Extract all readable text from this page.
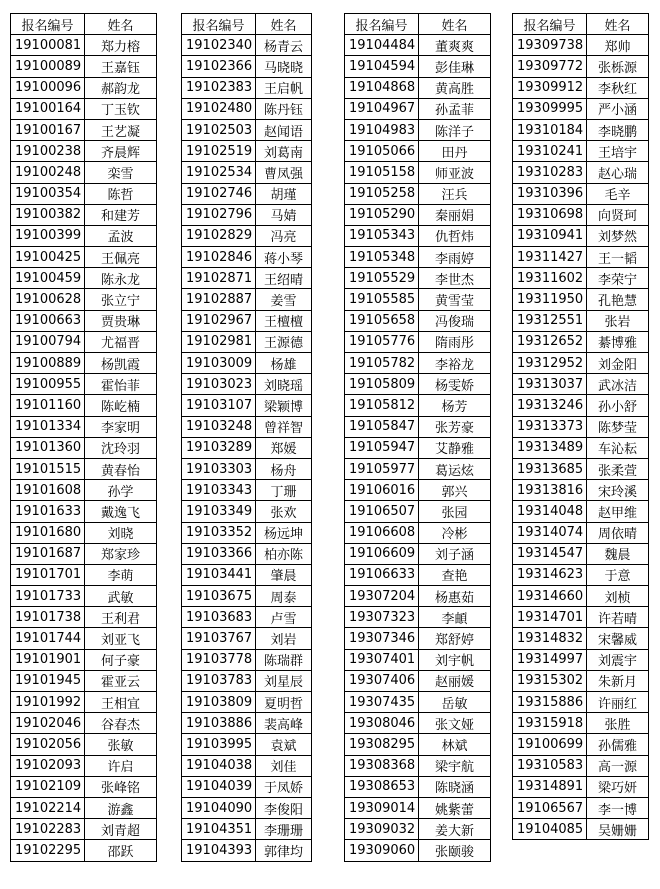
报名编号	姓名
19100081	郑力榕
19100089	王嘉钰
19100096	郝韵龙
19100164	丁玉钦
19100167	王艺凝
19100238	齐晨辉
19100248	栾雪
19100354	陈哲
19100382	和建芳
19100399	孟波
19100425	王佩亮
19100459	陈永龙
19100628	张立宁
19100663	贾贵琳
19100794	尤福晋
19100889	杨凯霞
19100955	霍怡菲
19101160	陈屹楠
19101334	李家明
19101360	沈玲羽
19101515	黄春怡
19101608	孙学
19101633	戴逸飞
19101680	刘晓
19101687	郑家珍
19101701	李萌
19101733	武敏
19101738	王利君
19101744	刘亚飞
19101901	何子豪
19101945	霍亚云
19101992	王相宜
19102046	谷春杰
19102056	张敏
19102093	许启
19102109	张峰铭
19102214	游鑫
19102283	刘青超
19102295	邵跃
报名编号	姓名
19102340	杨青云
19102366	马晓晓
19102383	王启帆
19102480	陈丹钰
19102503	赵闻语
19102519	刘葛南
19102534	曹凤强
19102746	胡瑾
19102796	马婧
19102829	冯亮
19102846	蒋小琴
19102871	王绍晴
19102887	姜雪
19102967	王檀檀
19102981	王源德
19103009	杨雄
19103023	刘晓瑶
19103107	梁颖博
19103248	曾祥智
19103289	郑媛
19103303	杨舟
19103343	丁珊
19103349	张欢
19103352	杨远坤
19103366	柏亦陈
19103441	肇晨
19103675	周泰
19103683	卢雪
19103767	刘岩
19103778	陈瑞群
19103783	刘星辰
19103809	夏明哲
19103886	裴高峰
19103995	袁斌
19104038	刘佳
19104039	于凤娇
19104090	李俊阳
19104351	李珊珊
19104393	郭律均
报名编号	姓名
19104484	董爽爽
19104594	彭佳琳
19104868	黄高胜
19104967	孙孟菲
19104983	陈洋子
19105066	田丹
19105158	师亚波
19105258	汪兵
19105290	秦丽娟
19105343	仇哲炜
19105348	李雨婷
19105529	李世杰
19105585	黄雪莹
19105658	冯俊瑞
19105776	隋雨彤
19105782	李裕龙
19105809	杨雯娇
19105812	杨芳
19105847	张芳豪
19105947	艾静雅
19105977	葛运炫
19106016	郭兴
19106507	张园
19106608	冷彬
19106609	刘子涵
19106633	查艳
19307204	杨惠茹
19307323	李頔
19307346	郑舒婷
19307401	刘宇帆
19307406	赵丽媛
19307435	岳敏
19308046	张文娅
19308295	林斌
19308368	梁宇航
19308653	陈晓涵
19309014	姚紫蕾
19309032	姜大新
19309060	张颐骏
报名编号	姓名
19309738	郑帅
19309772	张栎源
19309912	李秋红
19309995	严小涵
19310184	李晓鹏
19310241	王培宇
19310283	赵心瑞
19310396	毛辛
19310698	向贤珂
19310941	刘梦然
19311427	王一韬
19311602	李荣宁
19311950	孔艳慧
19312551	张岩
19312652	綦博雅
19312952	刘金阳
19313037	武冰洁
19313246	孙小舒
19313373	陈梦莹
19313489	车沁耘
19313685	张柔萱
19313816	宋玲溪
19314048	赵甲维
19314074	周依晴
19314547	魏晨
19314623	于意
19314660	刘桢
19314701	许若晴
19314832	宋馨威
19314997	刘震宇
19315302	朱新月
19315886	许丽红
19315918	张胜
19100699	孙儒雅
19310583	高一源
19314891	梁巧妍
19106567	李一博
19104085	吴姗姗
